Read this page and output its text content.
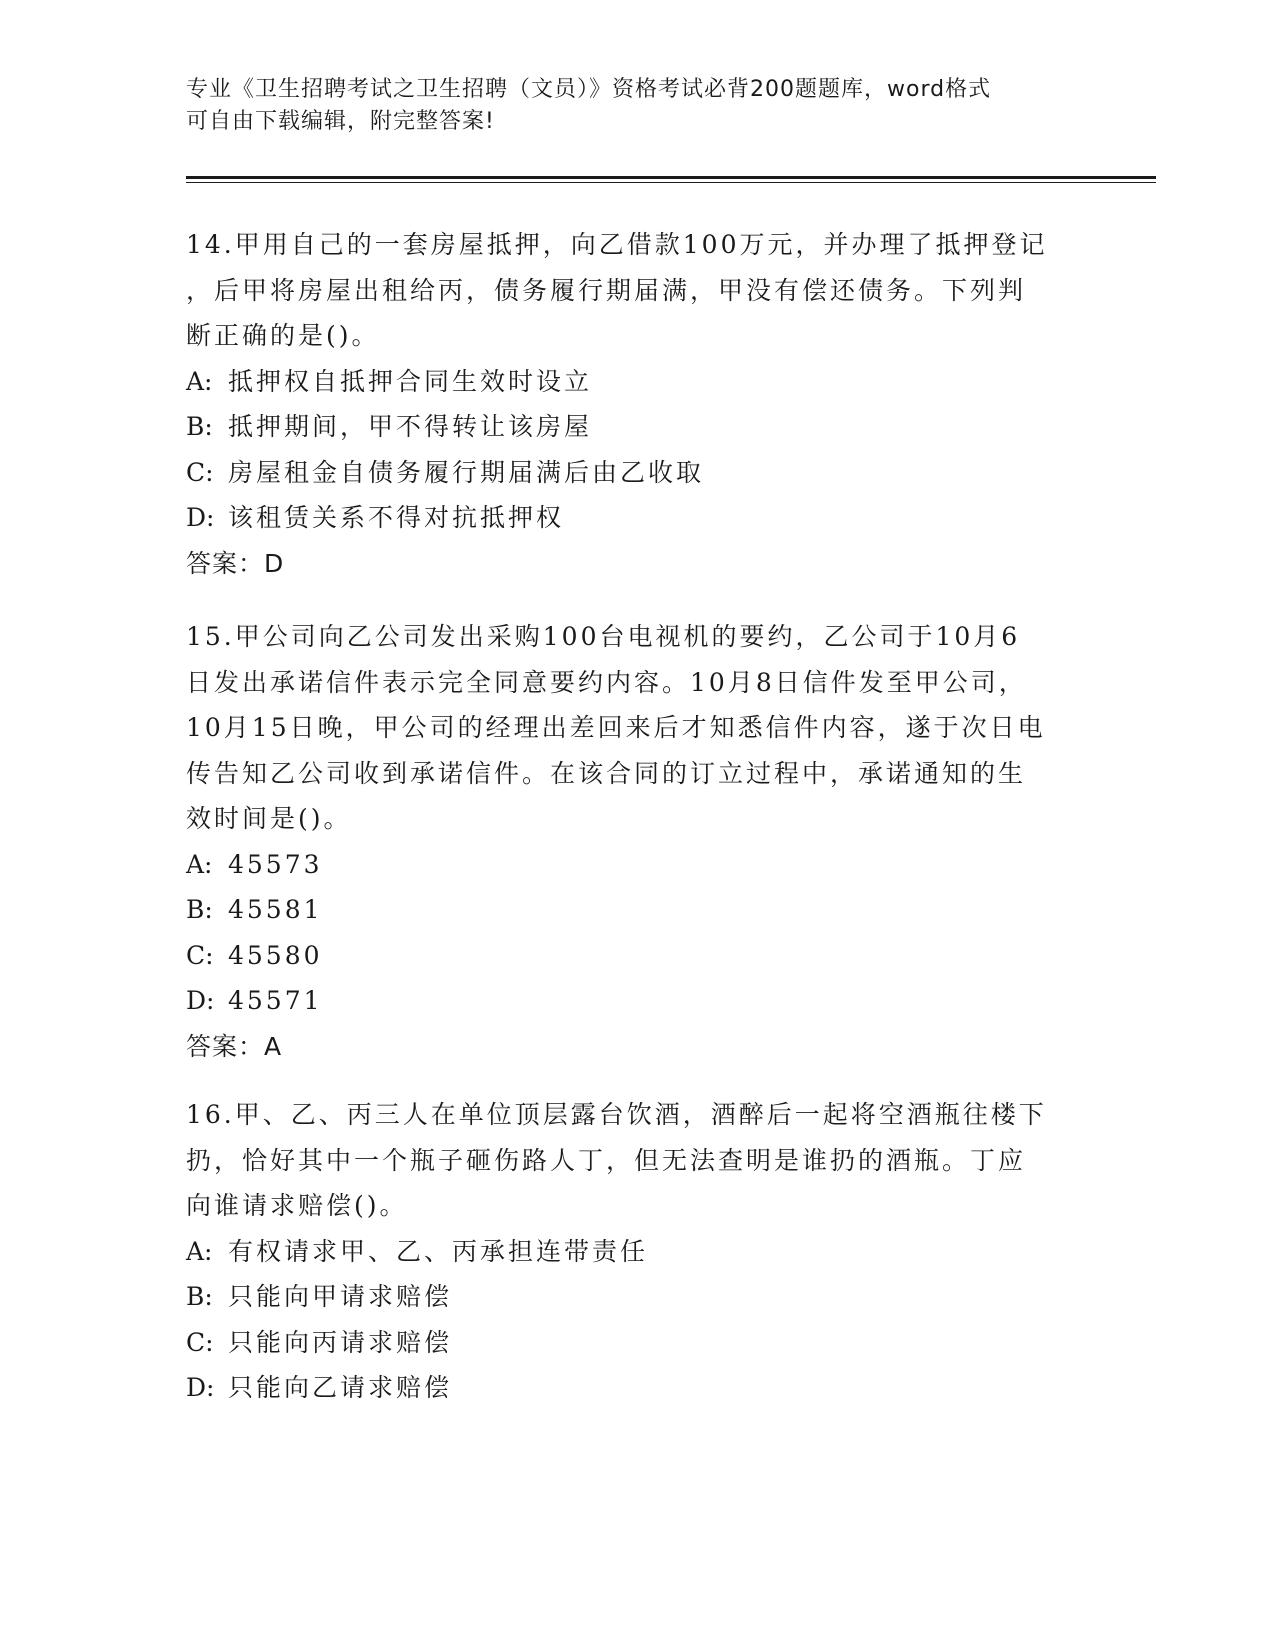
专业《卫生招聘考试之卫生招聘（文员）》资格考试必背200题题库，word格式
可自由下载编辑，附完整答案!
14.甲用自己的一套房屋抵押，向乙借款100万元，并办理了抵押登记
，后甲将房屋出租给丙，债务履行期届满，甲没有偿还债务。下列判
断正确的是()。
A: 抵押权自抵押合同生效时设立
B: 抵押期间，甲不得转让该房屋
C: 房屋租金自债务履行期届满后由乙收取
D: 该租赁关系不得对抗抵押权
答案：D
15.甲公司向乙公司发出采购100台电视机的要约，乙公司于10月6
日发出承诺信件表示完全同意要约内容。10月8日信件发至甲公司，
10月15日晚，甲公司的经理出差回来后才知悉信件内容，遂于次日电
传告知乙公司收到承诺信件。在该合同的订立过程中，承诺通知的生
效时间是()。
A: 45573
B: 45581
C: 45580
D: 45571
答案：A
16.甲、乙、丙三人在单位顶层露台饮酒，酒醉后一起将空酒瓶往楼下
扔，恰好其中一个瓶子砸伤路人丁，但无法查明是谁扔的酒瓶。丁应
向谁请求赔偿()。
A: 有权请求甲、乙、丙承担连带责任
B: 只能向甲请求赔偿
C: 只能向丙请求赔偿
D: 只能向乙请求赔偿
